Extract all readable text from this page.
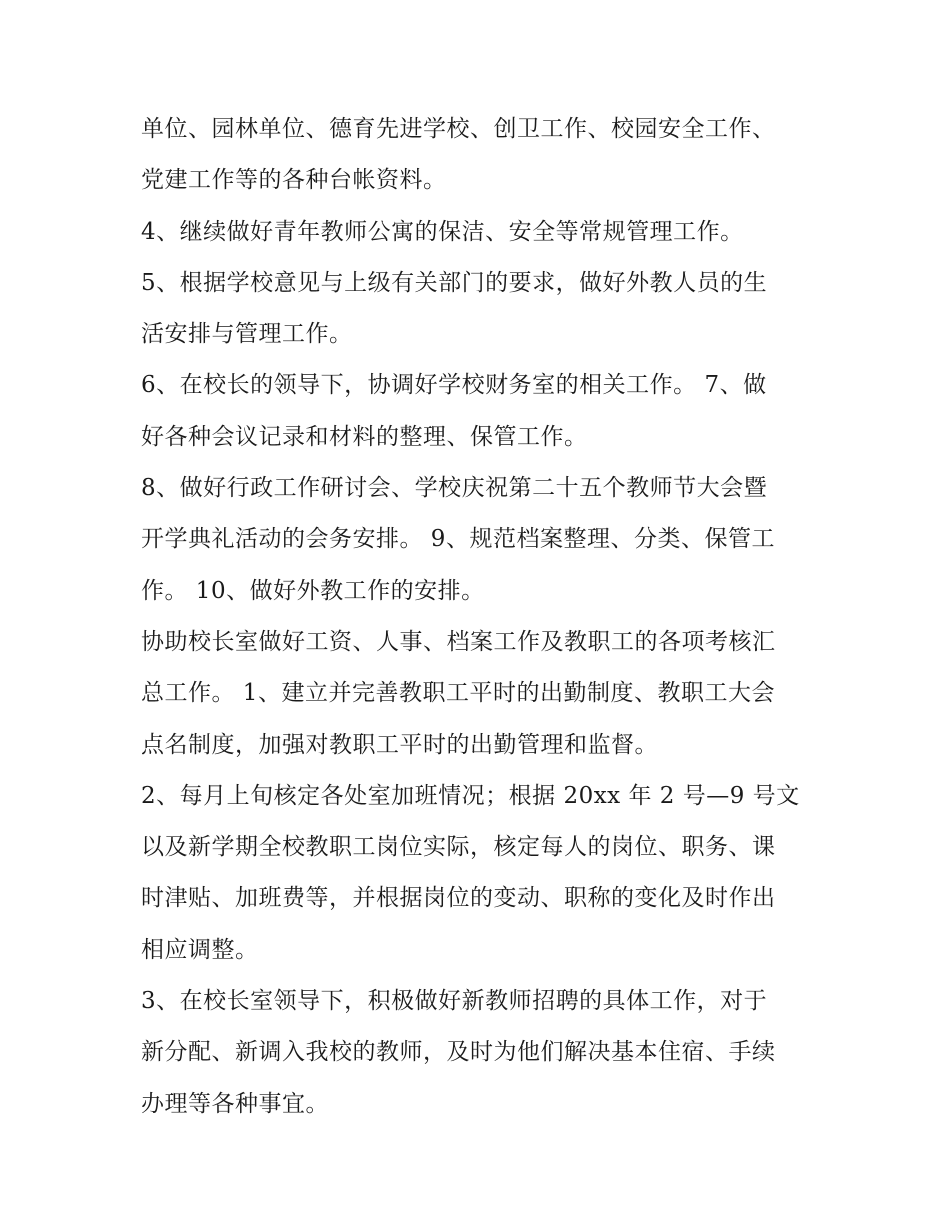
单位、园林单位、德育先进学校、创卫工作、校园安全工作、
党建工作等的各种台帐资料。
4、继续做好青年教师公寓的保洁、安全等常规管理工作。
5、根据学校意见与上级有关部门的要求，做好外教人员的生
活安排与管理工作。
6、在校长的领导下，协调好学校财务室的相关工作。 7、做
好各种会议记录和材料的整理、保管工作。
8、做好行政工作研讨会、学校庆祝第二十五个教师节大会暨
开学典礼活动的会务安排。 9、规范档案整理、分类、保管工
作。 10、做好外教工作的安排。
协助校长室做好工资、人事、档案工作及教职工的各项考核汇
总工作。 1、建立并完善教职工平时的出勤制度、教职工大会
点名制度，加强对教职工平时的出勤管理和监督。
2、每月上旬核定各处室加班情况；根据 20xx 年 2 号—9 号文
以及新学期全校教职工岗位实际，核定每人的岗位、职务、课
时津贴、加班费等，并根据岗位的变动、职称的变化及时作出
相应调整。
3、在校长室领导下，积极做好新教师招聘的具体工作，对于
新分配、新调入我校的教师，及时为他们解决基本住宿、手续
办理等各种事宜。
